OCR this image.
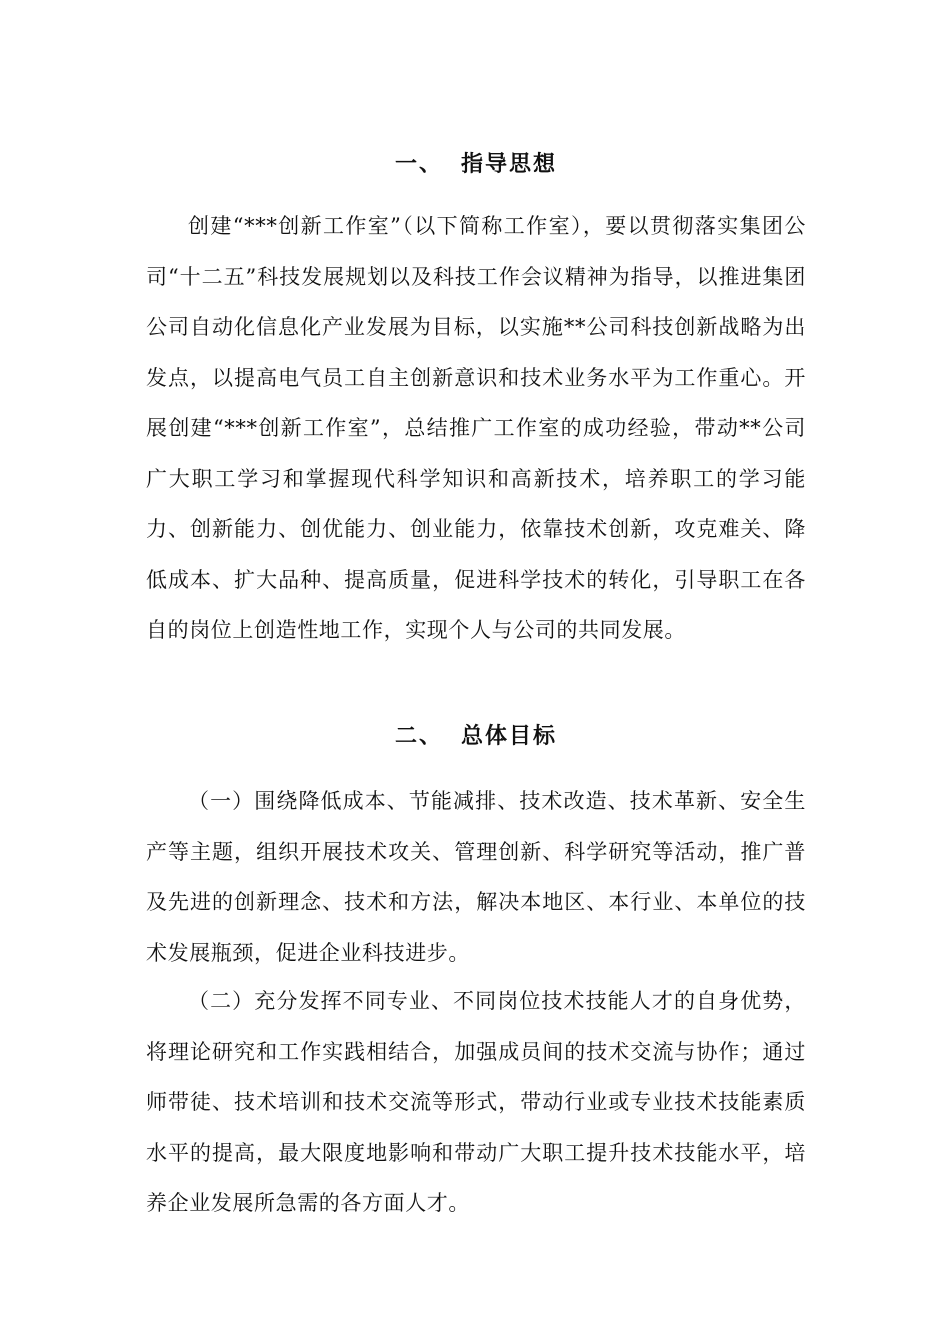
一、 指导思想

创建“***创新工作室”（以下简称工作室），要以贯彻落实集团公司“十二五”科技发展规划以及科技工作会议精神为指导，以推进集团公司自动化信息化产业发展为目标，以实施**公司科技创新战略为出发点，以提高电气员工自主创新意识和技术业务水平为工作重心。开展创建“***创新工作室”，总结推广工作室的成功经验，带动**公司广大职工学习和掌握现代科学知识和高新技术，培养职工的学习能力、创新能力、创优能力、创业能力，依靠技术创新，攻克难关、降低成本、扩大品种、提高质量，促进科学技术的转化，引导职工在各自的岗位上创造性地工作，实现个人与公司的共同发展。

二、 总体目标

（一）围绕降低成本、节能减排、技术改造、技术革新、安全生产等主题，组织开展技术攻关、管理创新、科学研究等活动，推广普及先进的创新理念、技术和方法，解决本地区、本行业、本单位的技术发展瓶颈，促进企业科技进步。

（二）充分发挥不同专业、不同岗位技术技能人才的自身优势，将理论研究和工作实践相结合，加强成员间的技术交流与协作；通过师带徒、技术培训和技术交流等形式，带动行业或专业技术技能素质水平的提高，最大限度地影响和带动广大职工提升技术技能水平，培养企业发展所急需的各方面人才。
